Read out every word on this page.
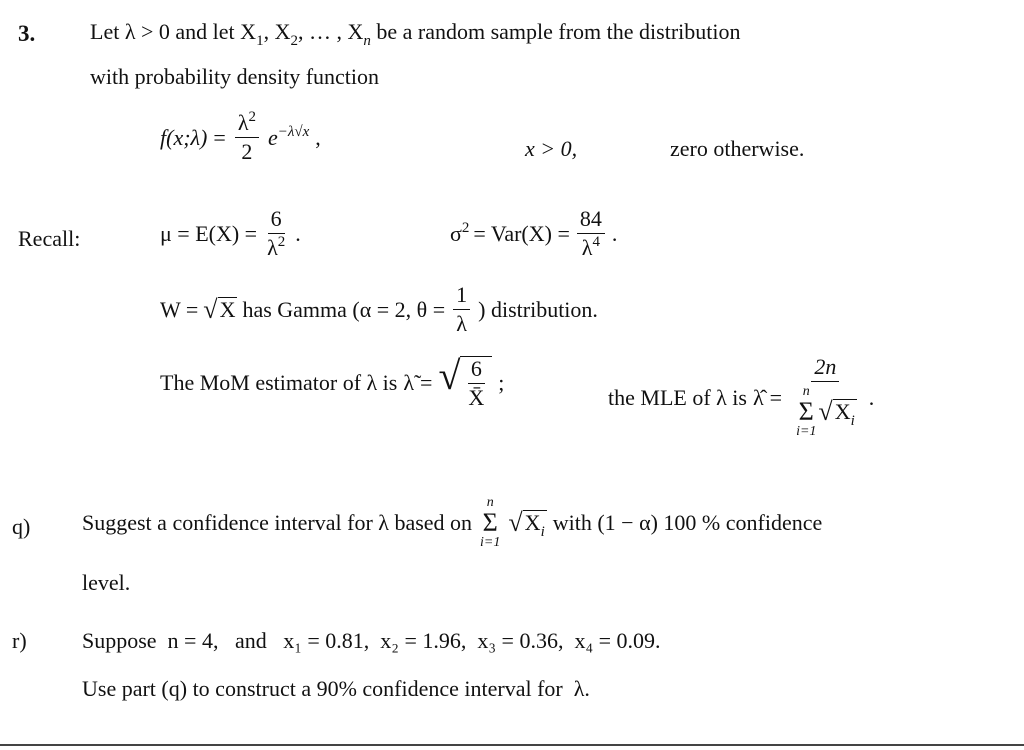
3. Let λ > 0 and let $X_1$, $X_2$, … , $X_n$ be a random sample from the distribution
with probability density function
f(x;λ) = $\frac{\lambda^2}{2} e^{-\lambda√x}$ ,	x > 0,	zero otherwise.
Recall:	$\mu = E(X) = \frac{6}{\lambda^2}$ .	$\sigma^2 = Var(X) = \frac{84}{\lambda^4}$ .
W = √ X has Gamma (α = 2, $\theta = \frac{1}{\lambda}$ ) distribution.
The MoM estimator of λ is λ̃ = √ $\frac{6}{X̄}$ ;
the MLE of λ is λ̂ = 2n
n
Σ
i=1
√ $X_i$ .
q) Suggest a confidence interval for λ based on
n
Σ
i=1
√ $X_i$ with (1 − α) 100 % confidence
level.
r)	Suppose  n = 4,   and   x₁ = 0.81,  x₂ = 1.96,  x₃ = 0.36,  x₄ = 0.09.
Use part (q) to construct a 90% confidence interval for  λ.
